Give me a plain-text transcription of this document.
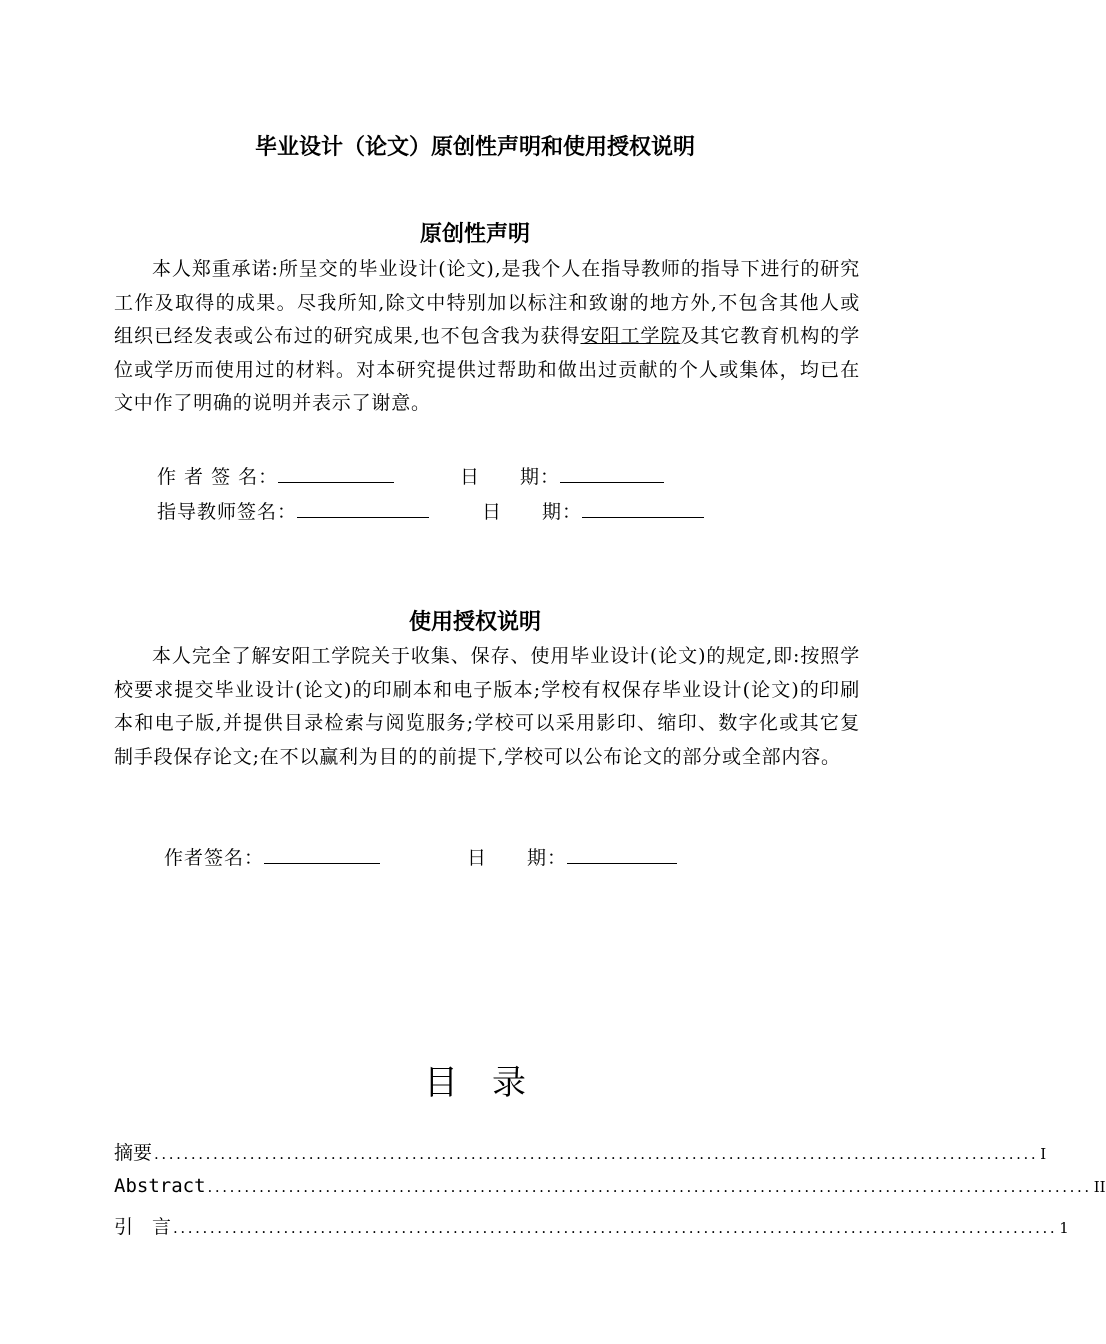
毕业设计（论文）原创性声明和使用授权说明
原创性声明

本人郑重承诺:所呈交的毕业设计(论文),是我个人在指导教师的指导下进行的研究工作及取得的成果。尽我所知,除文中特别加以标注和致谢的地方外,不包含其他人或组织已经发表或公布过的研究成果,也不包含我为获得安阳工学院及其它教育机构的学位或学历而使用过的材料。对本研究提供过帮助和做出过贡献的个人或集体，均已在文中作了明确的说明并表示了谢意。

作 者 签 名：	日　　期：
指导教师签名：	日　　期：
使用授权说明

本人完全了解安阳工学院关于收集、保存、使用毕业设计(论文)的规定,即:按照学校要求提交毕业设计(论文)的印刷本和电子版本;学校有权保存毕业设计(论文)的印刷本和电子版,并提供目录检索与阅览服务;学校可以采用影印、缩印、数字化或其它复制手段保存论文;在不以赢利为目的的前提下,学校可以公布论文的部分或全部内容。

作者签名：	日　　期：
目录
摘要 ........................................................................................................................ I
Abstract ........................................................................................................................ II
引　言 ........................................................................................................................ 1
